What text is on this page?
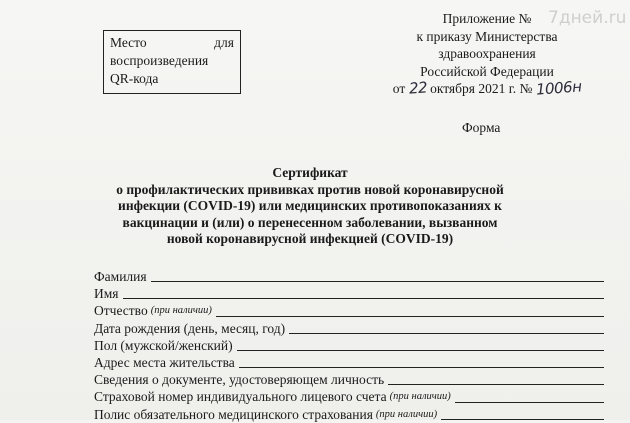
7дней.ru
Место	для
воспроизведения
QR-кода
Приложение №
к приказу Министерства
здравоохранения
Российской Федерации
от 22 октября 2021 г. № 1006н
Форма
Сертификат
о профилактических прививках против новой коронавирусной
инфекции (COVID-19) или медицинских противопоказаниях к
вакцинации и (или) о перенесенном заболевании, вызванном
новой коронавирусной инфекцией (COVID-19)
Фамилия
Имя
Отчество (при наличии)
Дата рождения (день, месяц, год)
Пол (мужской/женский)
Адрес места жительства
Сведения о документе, удостоверяющем личность
Страховой номер индивидуального лицевого счета (при наличии)
Полис обязательного медицинского страхования (при наличии)
